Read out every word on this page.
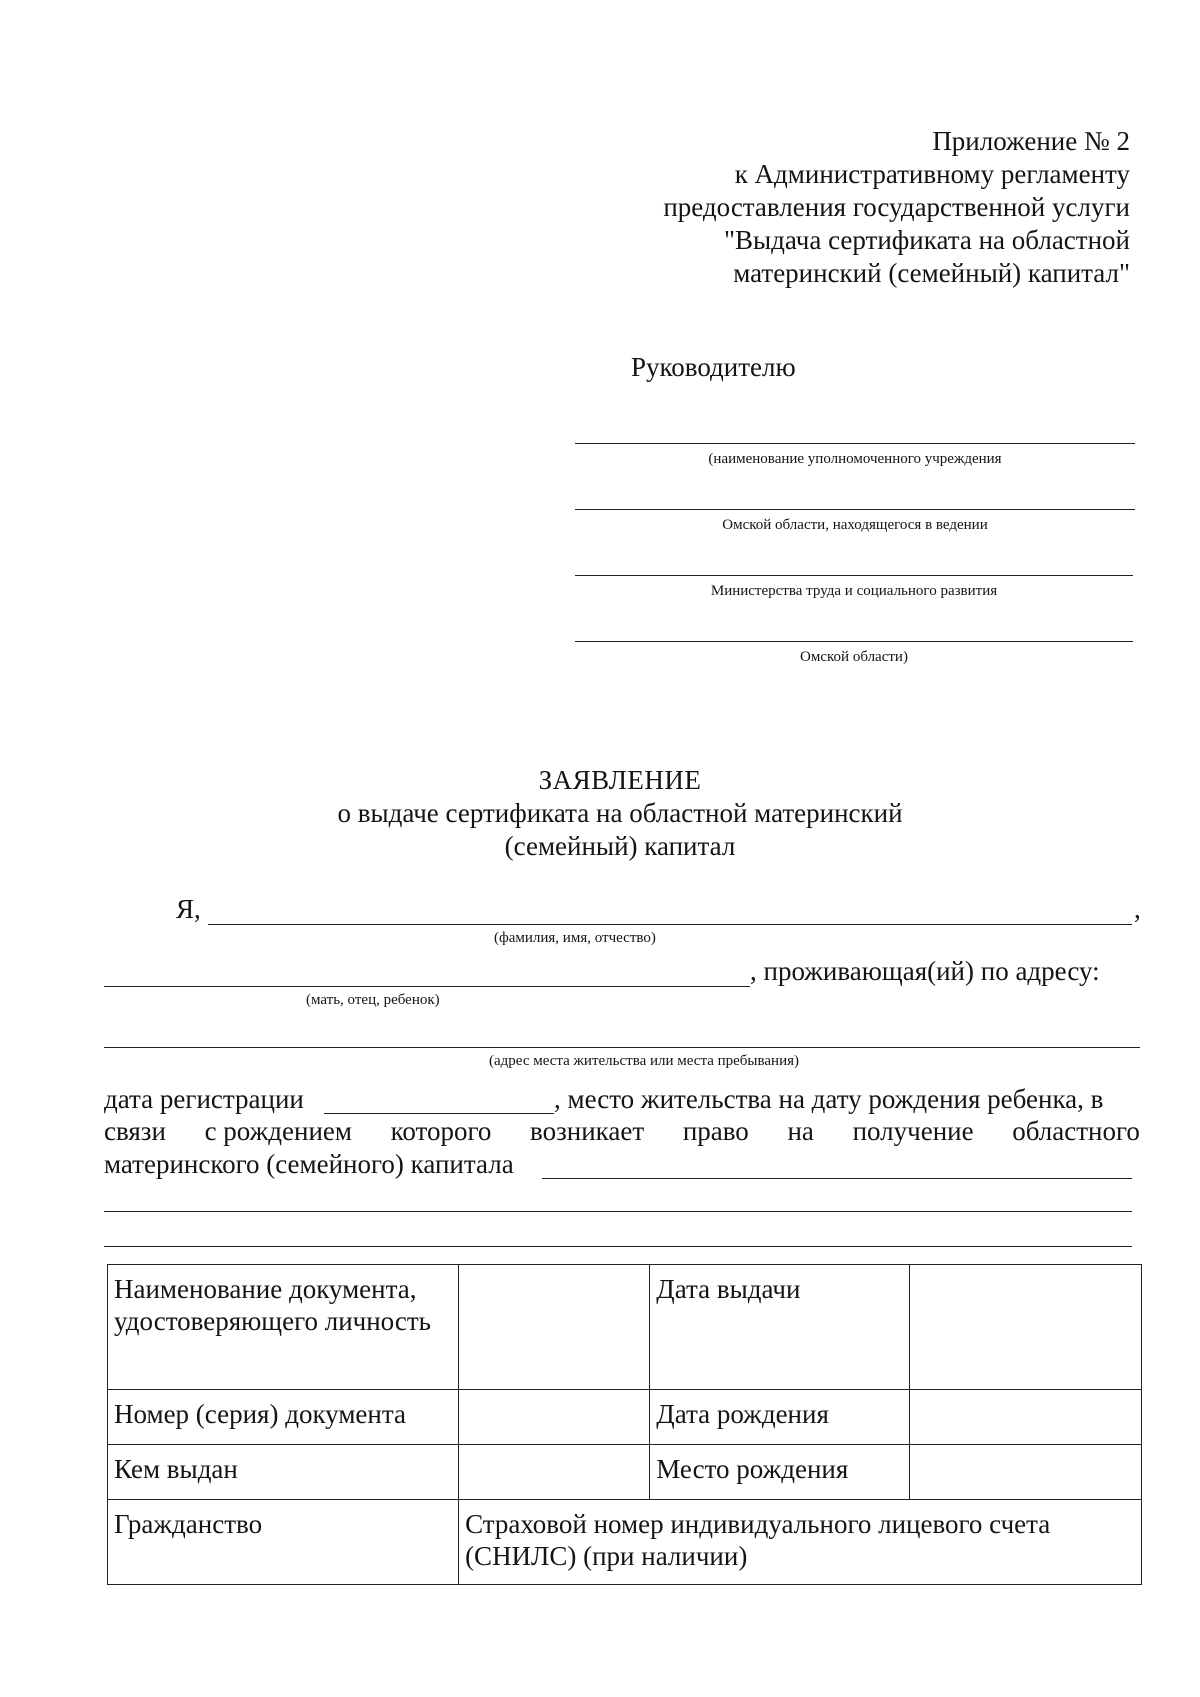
Приложение № 2
к Административному регламенту
предоставления государственной услуги
"Выдача сертификата на областной
материнский (семейный) капитал"
Руководителю
(наименование уполномоченного учреждения
Омской области, находящегося в ведении
Министерства труда и социального развития
Омской области)
ЗАЯВЛЕНИЕ
о выдаче сертификата на областной материнский
(семейный) капитал
Я,	,
(фамилия, имя, отчество)
, проживающая(ий) по адресу:
(мать, отец, ребенок)
(адрес места жительства или места пребывания)
дата регистрации	, место жительства на дату рождения ребенка, в
связи с рождением которого возникает право на получение областного
материнского (семейного) капитала
Наименование документа, удостоверяющего личность		Дата выдачи	
Номер (серия) документа		Дата рождения	
Кем выдан		Место рождения	
Гражданство	Страховой номер индивидуального лицевого счета (СНИЛС) (при наличии)		
